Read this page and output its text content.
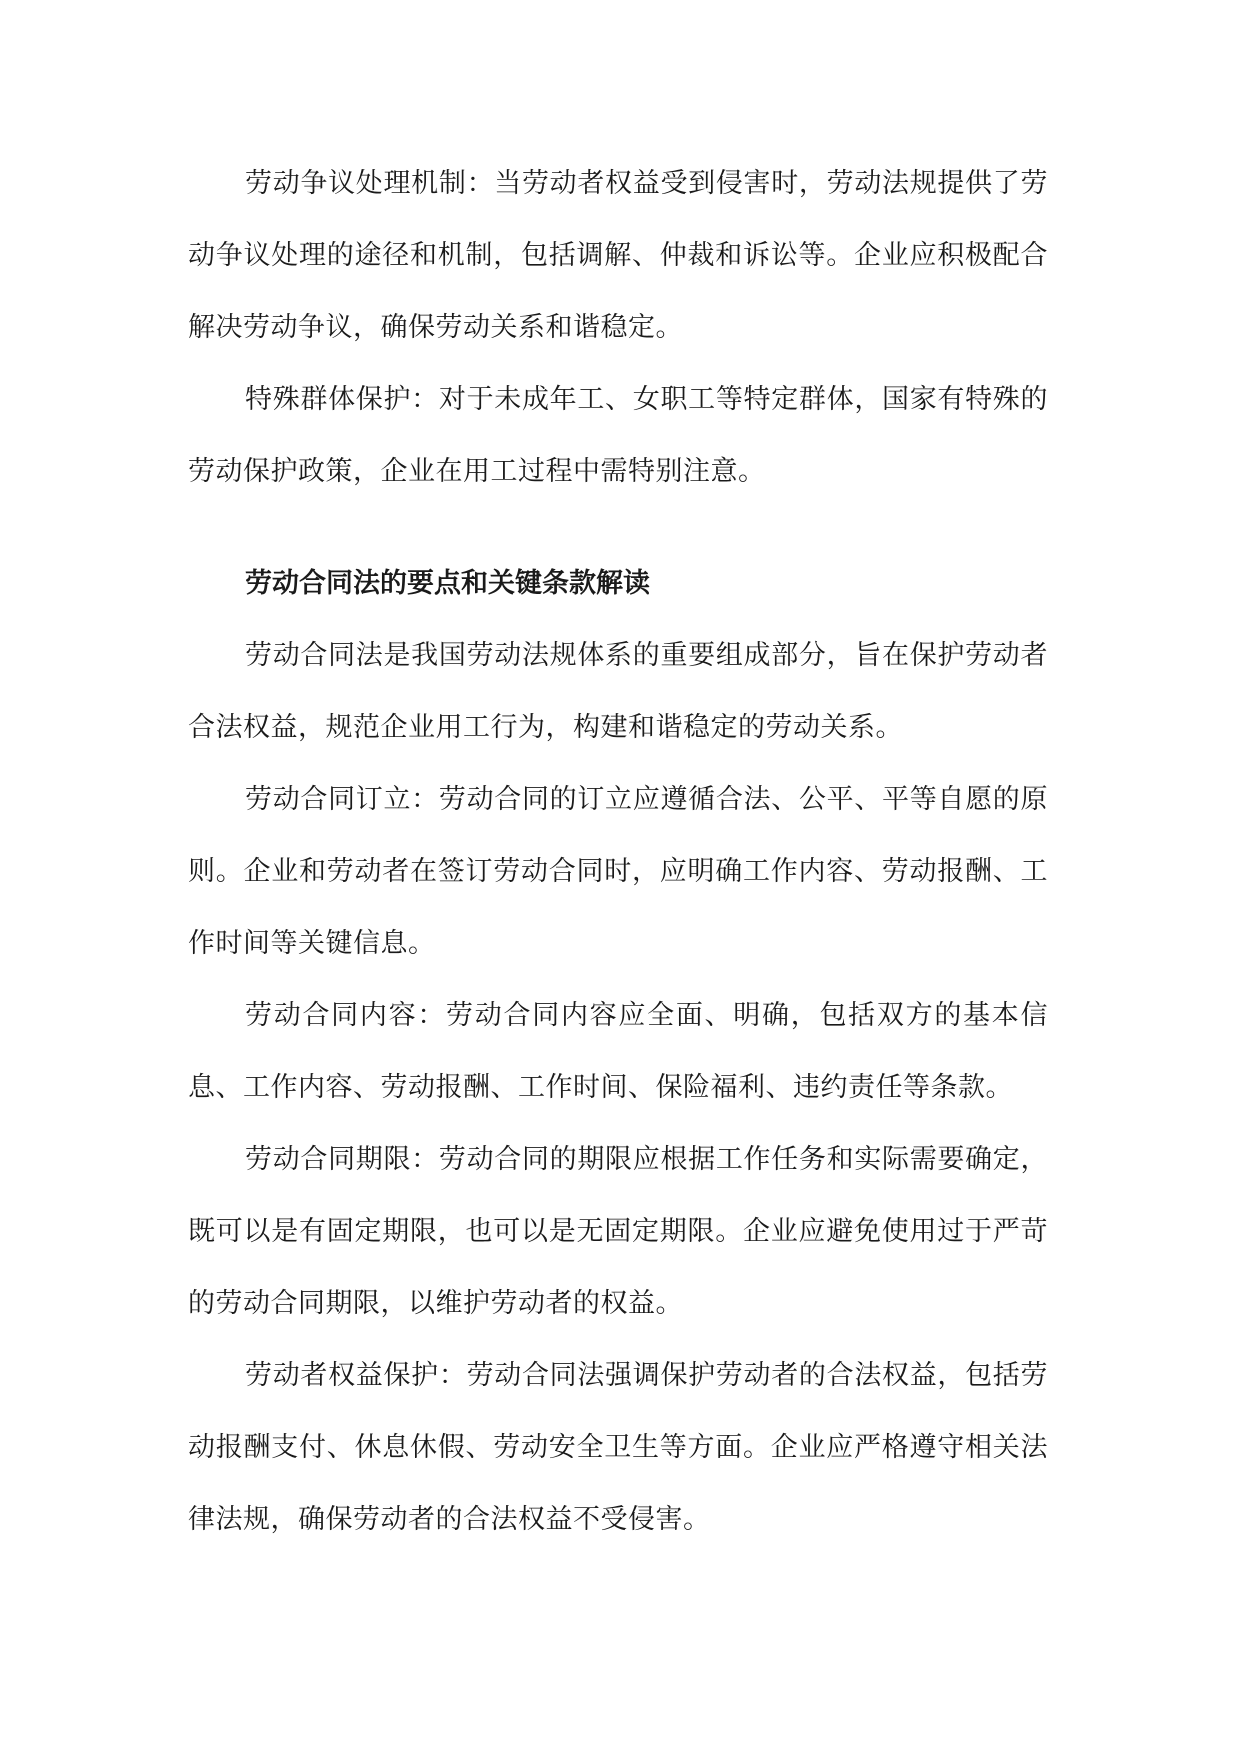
劳动争议处理机制：当劳动者权益受到侵害时，劳动法规提供了劳动争议处理的途径和机制，包括调解、仲裁和诉讼等。企业应积极配合解决劳动争议，确保劳动关系和谐稳定。

特殊群体保护：对于未成年工、女职工等特定群体，国家有特殊的劳动保护政策，企业在用工过程中需特别注意。

劳动合同法的要点和关键条款解读

劳动合同法是我国劳动法规体系的重要组成部分，旨在保护劳动者合法权益，规范企业用工行为，构建和谐稳定的劳动关系。

劳动合同订立：劳动合同的订立应遵循合法、公平、平等自愿的原则。企业和劳动者在签订劳动合同时，应明确工作内容、劳动报酬、工作时间等关键信息。

劳动合同内容：劳动合同内容应全面、明确，包括双方的基本信息、工作内容、劳动报酬、工作时间、保险福利、违约责任等条款。

劳动合同期限：劳动合同的期限应根据工作任务和实际需要确定，既可以是有固定期限，也可以是无固定期限。企业应避免使用过于严苛的劳动合同期限，以维护劳动者的权益。

劳动者权益保护：劳动合同法强调保护劳动者的合法权益，包括劳动报酬支付、休息休假、劳动安全卫生等方面。企业应严格遵守相关法律法规，确保劳动者的合法权益不受侵害。
